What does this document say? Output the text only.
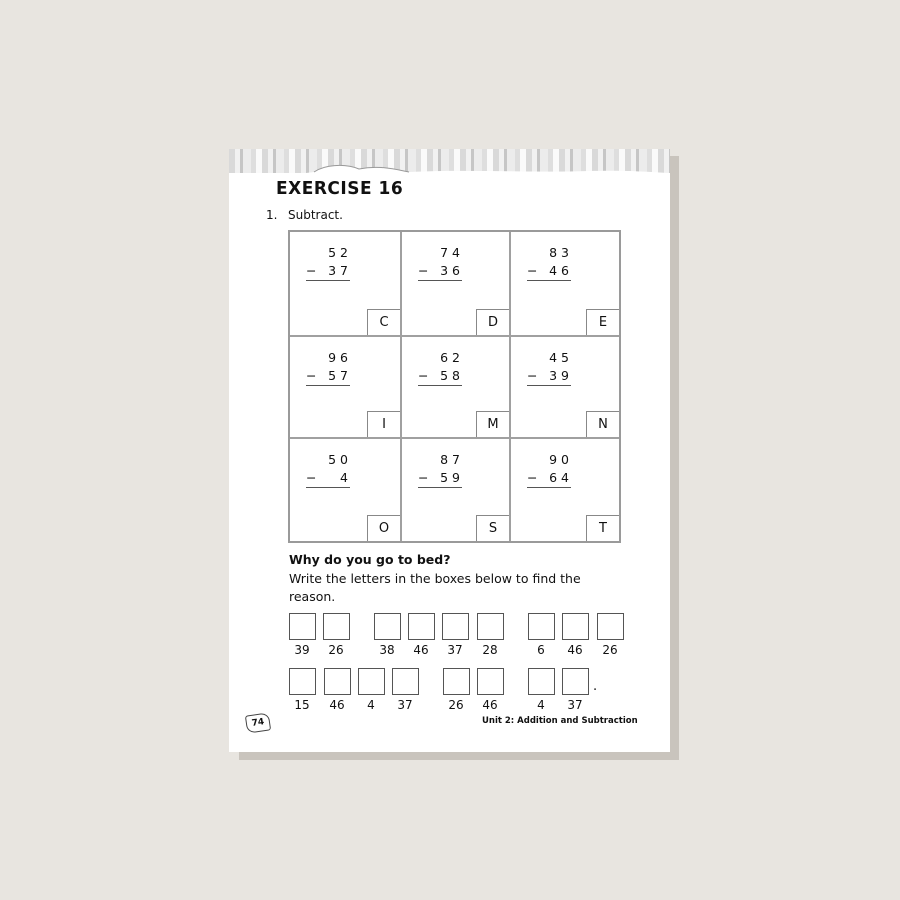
EXERCISE 16
1. Subtract.
52
− 37
C
74
− 36
D
83
− 46
E
96
− 57
I
62
− 58
M
45
− 39
N
50
−	4
O
87
− 59
S
90
− 64
T
Why do you go to bed?
Write the letters in the boxes below to find the reason.
39	26	38	46	37	28	6	46	26
15	46	4	37	26	46	4	37
.
74	Unit 2: Addition and Subtraction
